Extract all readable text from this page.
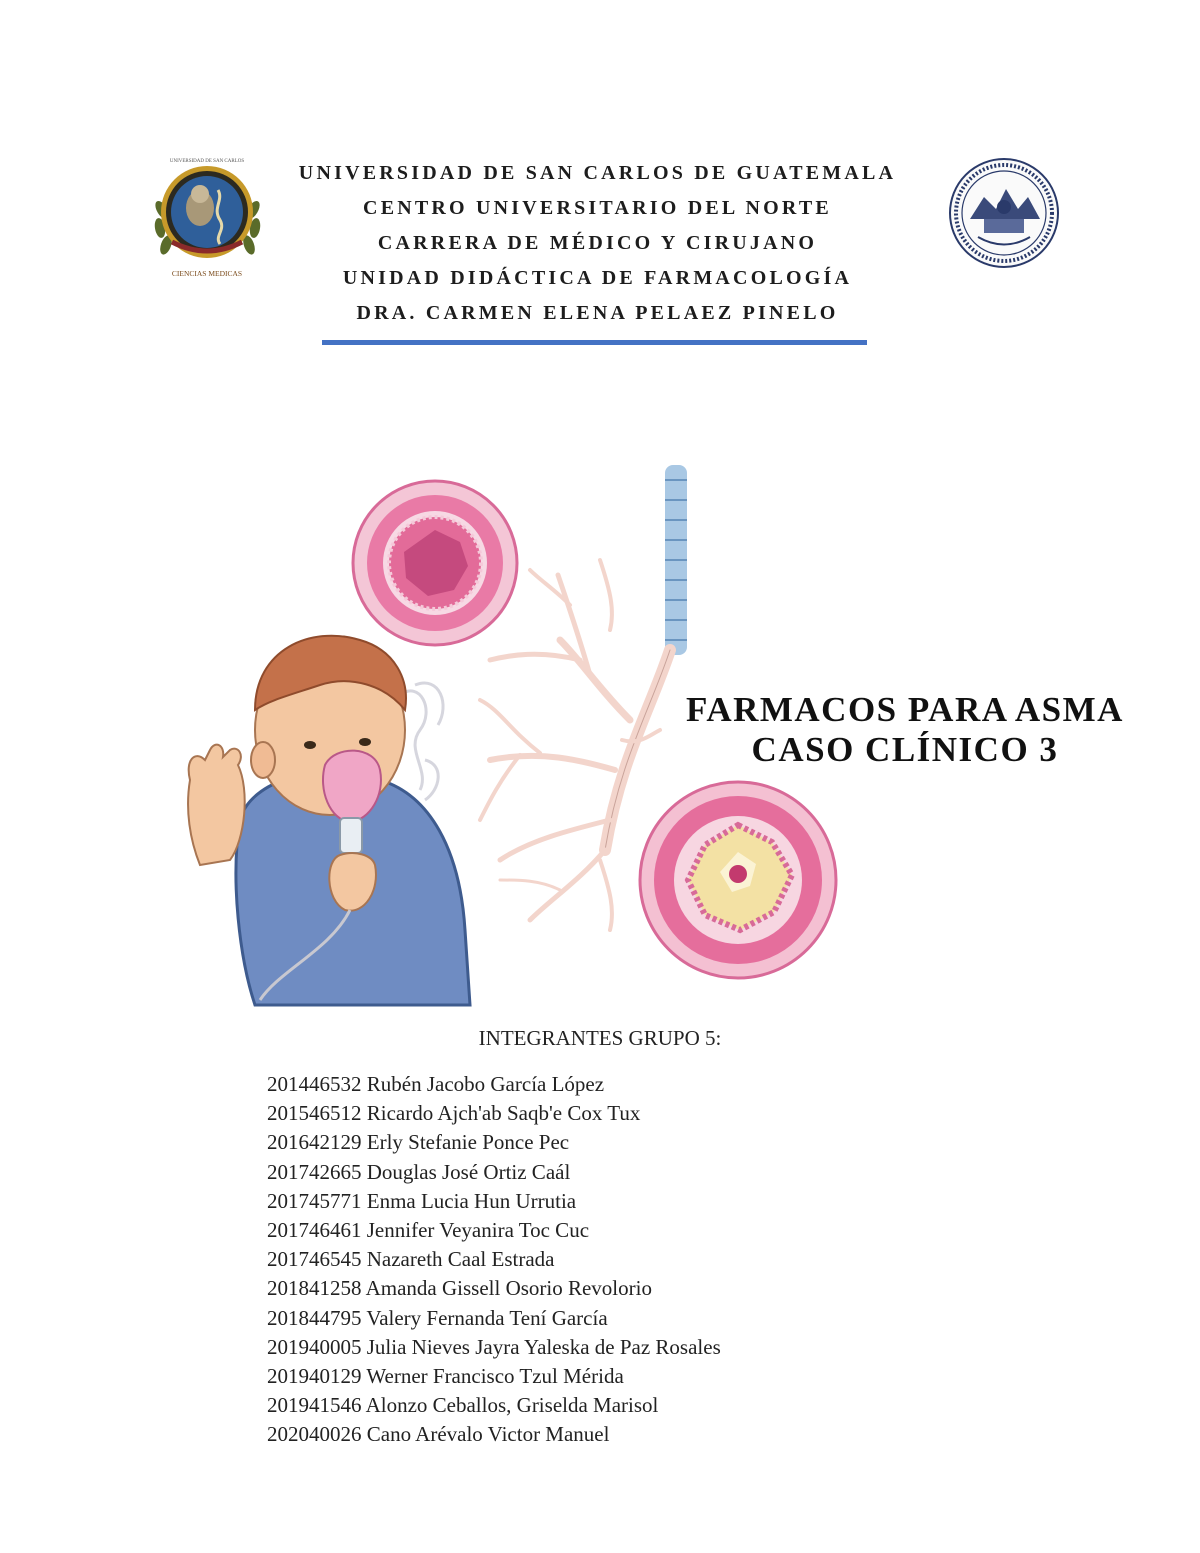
UNIVERSIDAD DE SAN CARLOS
CIENCIAS MEDICAS
UNIVERSIDAD DE SAN CARLOS DE GUATEMALA
CENTRO UNIVERSITARIO DEL NORTE
CARRERA DE MÉDICO Y CIRUJANO
UNIDAD DIDÁCTICA DE FARMACOLOGÍA
DRA. CARMEN ELENA PELAEZ PINELO
FARMACOS PARA ASMA
CASO CLÍNICO 3
INTEGRANTES GRUPO 5:
201446532 Rubén Jacobo García López
201546512 Ricardo Ajch'ab Saqb'e Cox Tux
201642129 Erly Stefanie Ponce Pec
201742665 Douglas José Ortiz Caál
201745771 Enma Lucia Hun Urrutia
201746461 Jennifer Veyanira Toc Cuc
201746545 Nazareth Caal Estrada
201841258 Amanda Gissell Osorio Revolorio
201844795 Valery Fernanda Tení García
201940005 Julia Nieves Jayra Yaleska de Paz Rosales
201940129 Werner Francisco Tzul Mérida
201941546 Alonzo Ceballos, Griselda Marisol
202040026 Cano Arévalo Victor Manuel
